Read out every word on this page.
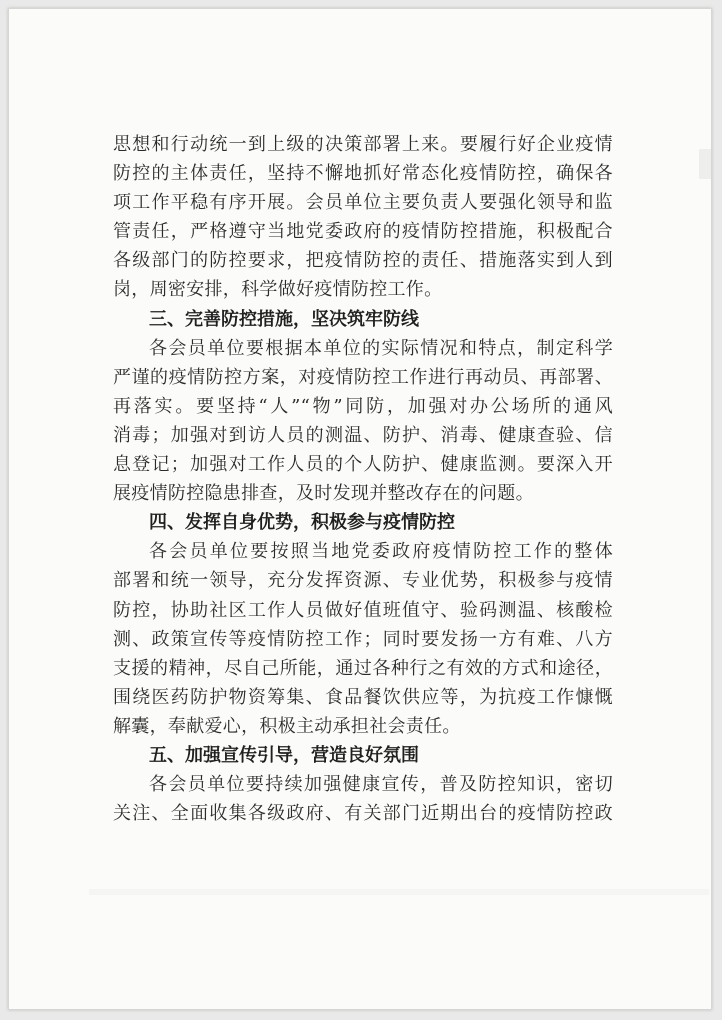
思想和行动统一到上级的决策部署上来。要履行好企业疫情
防控的主体责任，坚持不懈地抓好常态化疫情防控，确保各
项工作平稳有序开展。会员单位主要负责人要强化领导和监
管责任，严格遵守当地党委政府的疫情防控措施，积极配合
各级部门的防控要求，把疫情防控的责任、措施落实到人到
岗，周密安排，科学做好疫情防控工作。
三、完善防控措施，坚决筑牢防线
各会员单位要根据本单位的实际情况和特点，制定科学
严谨的疫情防控方案，对疫情防控工作进行再动员、再部署、
再落实。要坚持“人”“物”同防，加强对办公场所的通风
消毒；加强对到访人员的测温、防护、消毒、健康查验、信
息登记；加强对工作人员的个人防护、健康监测。要深入开
展疫情防控隐患排查，及时发现并整改存在的问题。
四、发挥自身优势，积极参与疫情防控
各会员单位要按照当地党委政府疫情防控工作的整体
部署和统一领导，充分发挥资源、专业优势，积极参与疫情
防控，协助社区工作人员做好值班值守、验码测温、核酸检
测、政策宣传等疫情防控工作；同时要发扬一方有难、八方
支援的精神，尽自己所能，通过各种行之有效的方式和途径，
围绕医药防护物资筹集、食品餐饮供应等，为抗疫工作慷慨
解囊，奉献爱心，积极主动承担社会责任。
五、加强宣传引导，营造良好氛围
各会员单位要持续加强健康宣传，普及防控知识，密切
关注、全面收集各级政府、有关部门近期出台的疫情防控政
